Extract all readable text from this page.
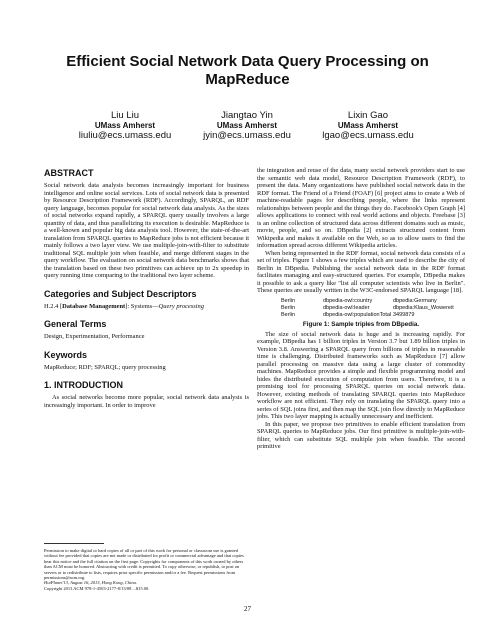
Efficient Social Network Data Query Processing on MapReduce
Liu Liu
UMass Amherst
liuliu@ecs.umass.edu
Jiangtao Yin
UMass Amherst
jyin@ecs.umass.edu
Lixin Gao
UMass Amherst
lgao@ecs.umass.edu
ABSTRACT

Social network data analysis becomes increasingly important for business intelligence and online social services. Lots of social network data is presented by Resource Description Framework (RDF). Accordingly, SPARQL, an RDF query language, becomes popular for social network data analysis. As the sizes of social networks expand rapidly, a SPARQL query usually involves a large quantity of data, and thus parallelizing its execution is desirable. MapReduce is a well-known and popular big data analysis tool. However, the state-of-the-art translation from SPARQL queries to MapReduce jobs is not efficient because it mainly follows a two layer view. We use multiple-join-with-filter to substitute traditional SQL multiple join when feasible, and merge different stages in the query workflow. The evaluation on social network data benchmarks shows that the translation based on these two primitives can achieve up to 2x speedup in query running time comparing to the traditional two layer scheme.

Categories and Subject Descriptors

H.2.4 [Database Management]: Systems—Query processing

General Terms

Design, Experimentation, Performance

Keywords

MapReduce; RDF; SPARQL; query processing

1. INTRODUCTION

As social networks become more popular, social network data analysis is increasingly important. In order to improve

Permission to make digital or hard copies of all or part of this work for personal or classroom use is granted without fee provided that copies are not made or distributed for profit or commercial advantage and that copies bear this notice and the full citation on the first page. Copyrights for components of this work owned by others than ACM must be honored. Abstracting with credit is permitted. To copy otherwise, or republish, to post on servers or to redistribute to lists, requires prior specific permission and/or a fee. Request permissions from permissions@acm.org.

HotPlanet'13, August 16, 2013, Hong Kong, China.

Copyright 2013 ACM 978-1-4503-2177-8/13/08 ...$15.00.

the integration and reuse of the data, many social network providers start to use the semantic web data model, Resource Description Framework (RDF), to present the data. Many organizations have published social network data in the RDF format. The Friend of a Friend (FOAF) [6] project aims to create a Web of machine-readable pages for describing people, where the links represent relationships between people and the things they do. Facebook's Open Graph [4] allows applications to connect with real world actions and objects. Freebase [3] is an online collection of structured data across different domains such as music, movie, people, and so on. DBpedia [2] extracts structured content from Wikipedia and makes it available on the Web, so as to allow users to find the information spread across different Wikipedia articles.

When being represented in the RDF format, social network data consists of a set of triples. Figure 1 shows a few triples which are used to describe the city of Berlin in DBpedia. Publishing the social network data in the RDF format facilitates managing and easy-structured queries. For example, DBpedia makes it possible to ask a query like "list all computer scientists who live in Berlin". These queries are usually written in the W3C-endorsed SPARQL language [18].

Berlin	dbpedia-owl:country	dbpedia:Germany
Berlin	dbpedia-owl:leader	dbpedia:Klaus_Wowereit
Berlin	dbpedia-owl:populationTotal 3499879
Figure 1: Sample triples from DBpedia.

The size of social network data is huge and is increasing rapidly. For example, DBpedia has 1 billion triples in Version 3.7 but 1.89 billion triples in Version 3.8. Answering a SPARQL query from billions of triples in reasonable time is challenging. Distributed frameworks such as MapReduce [7] allow parallel processing on massive data using a large cluster of commodity machines. MapReduce provides a simple and flexible programming model and hides the distributed execution of computation from users. Therefore, it is a promising tool for processing SPARQL queries on social network data. However, existing methods of translating SPARQL queries into MapReduce workflow are not efficient. They rely on translating the SPARQL query into a series of SQL joins first, and then map the SQL join flow directly to MapReduce jobs. This two layer mapping is actually unnecessary and inefficient.

In this paper, we propose two primitives to enable efficient translation from SPARQL queries to MapReduce jobs. Our first primitive is multiple-join-with-filter, which can substitute SQL multiple join when feasible. The second primitive

27
